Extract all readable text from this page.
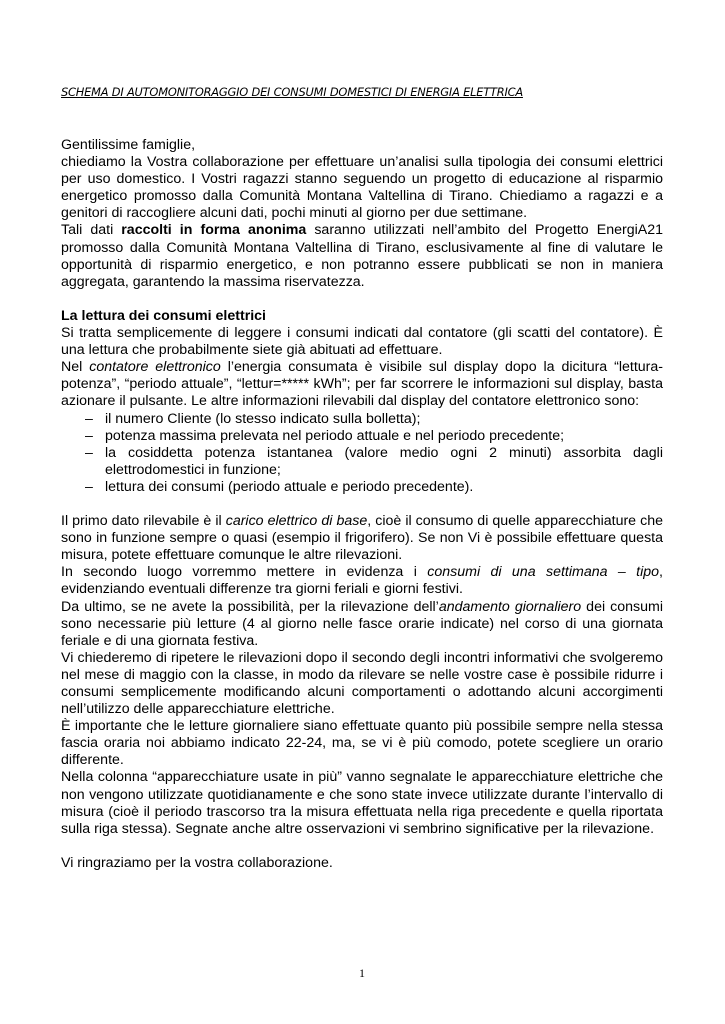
SCHEMA DI AUTOMONITORAGGIO DEI CONSUMI DOMESTICI DI ENERGIA ELETTRICA

Gentilissime famiglie,

chiediamo la Vostra collaborazione per effettuare un’analisi sulla tipologia dei consumi elettrici per uso domestico. I Vostri ragazzi stanno seguendo un progetto di educazione al risparmio energetico promosso dalla Comunità Montana Valtellina di Tirano. Chiediamo a ragazzi e a genitori di raccogliere alcuni dati, pochi minuti al giorno per due settimane.

Tali dati raccolti in forma anonima saranno utilizzati nell’ambito del Progetto EnergiA21 promosso dalla Comunità Montana Valtellina di Tirano, esclusivamente al fine di valutare le opportunità di risparmio energetico, e non potranno essere pubblicati se non in maniera aggregata, garantendo la massima riservatezza.

La lettura dei consumi elettrici

Si tratta semplicemente di leggere i consumi indicati dal contatore (gli scatti del contatore). È una lettura che probabilmente siete già abituati ad effettuare.

Nel contatore elettronico l’energia consumata è visibile sul display dopo la dicitura “lettura-potenza”, “periodo attuale”, “lettur=***** kWh”; per far scorrere le informazioni sul display, basta azionare il pulsante. Le altre informazioni rilevabili dal display del contatore elettronico sono:

– il numero Cliente (lo stesso indicato sulla bolletta);
– potenza massima prelevata nel periodo attuale e nel periodo precedente;
– la cosiddetta potenza istantanea (valore medio ogni 2 minuti) assorbita dagli elettrodomestici in funzione;
– lettura dei consumi (periodo attuale e periodo precedente).

Il primo dato rilevabile è il carico elettrico di base, cioè il consumo di quelle apparecchiature che sono in funzione sempre o quasi (esempio il frigorifero). Se non Vi è possibile effettuare questa misura, potete effettuare comunque le altre rilevazioni.

In secondo luogo vorremmo mettere in evidenza i consumi di una settimana – tipo, evidenziando eventuali differenze tra giorni feriali e giorni festivi.

Da ultimo, se ne avete la possibilità, per la rilevazione dell’andamento giornaliero dei consumi sono necessarie più letture (4 al giorno nelle fasce orarie indicate) nel corso di una giornata feriale e di una giornata festiva.

Vi chiederemo di ripetere le rilevazioni dopo il secondo degli incontri informativi che svolgeremo nel mese di maggio con la classe, in modo da rilevare se nelle vostre case è possibile ridurre i consumi semplicemente modificando alcuni comportamenti o adottando alcuni accorgimenti nell’utilizzo delle apparecchiature elettriche.

È importante che le letture giornaliere siano effettuate quanto più possibile sempre nella stessa fascia oraria noi abbiamo indicato 22-24, ma, se vi è più comodo, potete scegliere un orario differente.

Nella colonna “apparecchiature usate in più” vanno segnalate le apparecchiature elettriche che non vengono utilizzate quotidianamente e che sono state invece utilizzate durante l’intervallo di misura (cioè il periodo trascorso tra la misura effettuata nella riga precedente e quella riportata sulla riga stessa). Segnate anche altre osservazioni vi sembrino significative per la rilevazione.

Vi ringraziamo per la vostra collaborazione.

1
